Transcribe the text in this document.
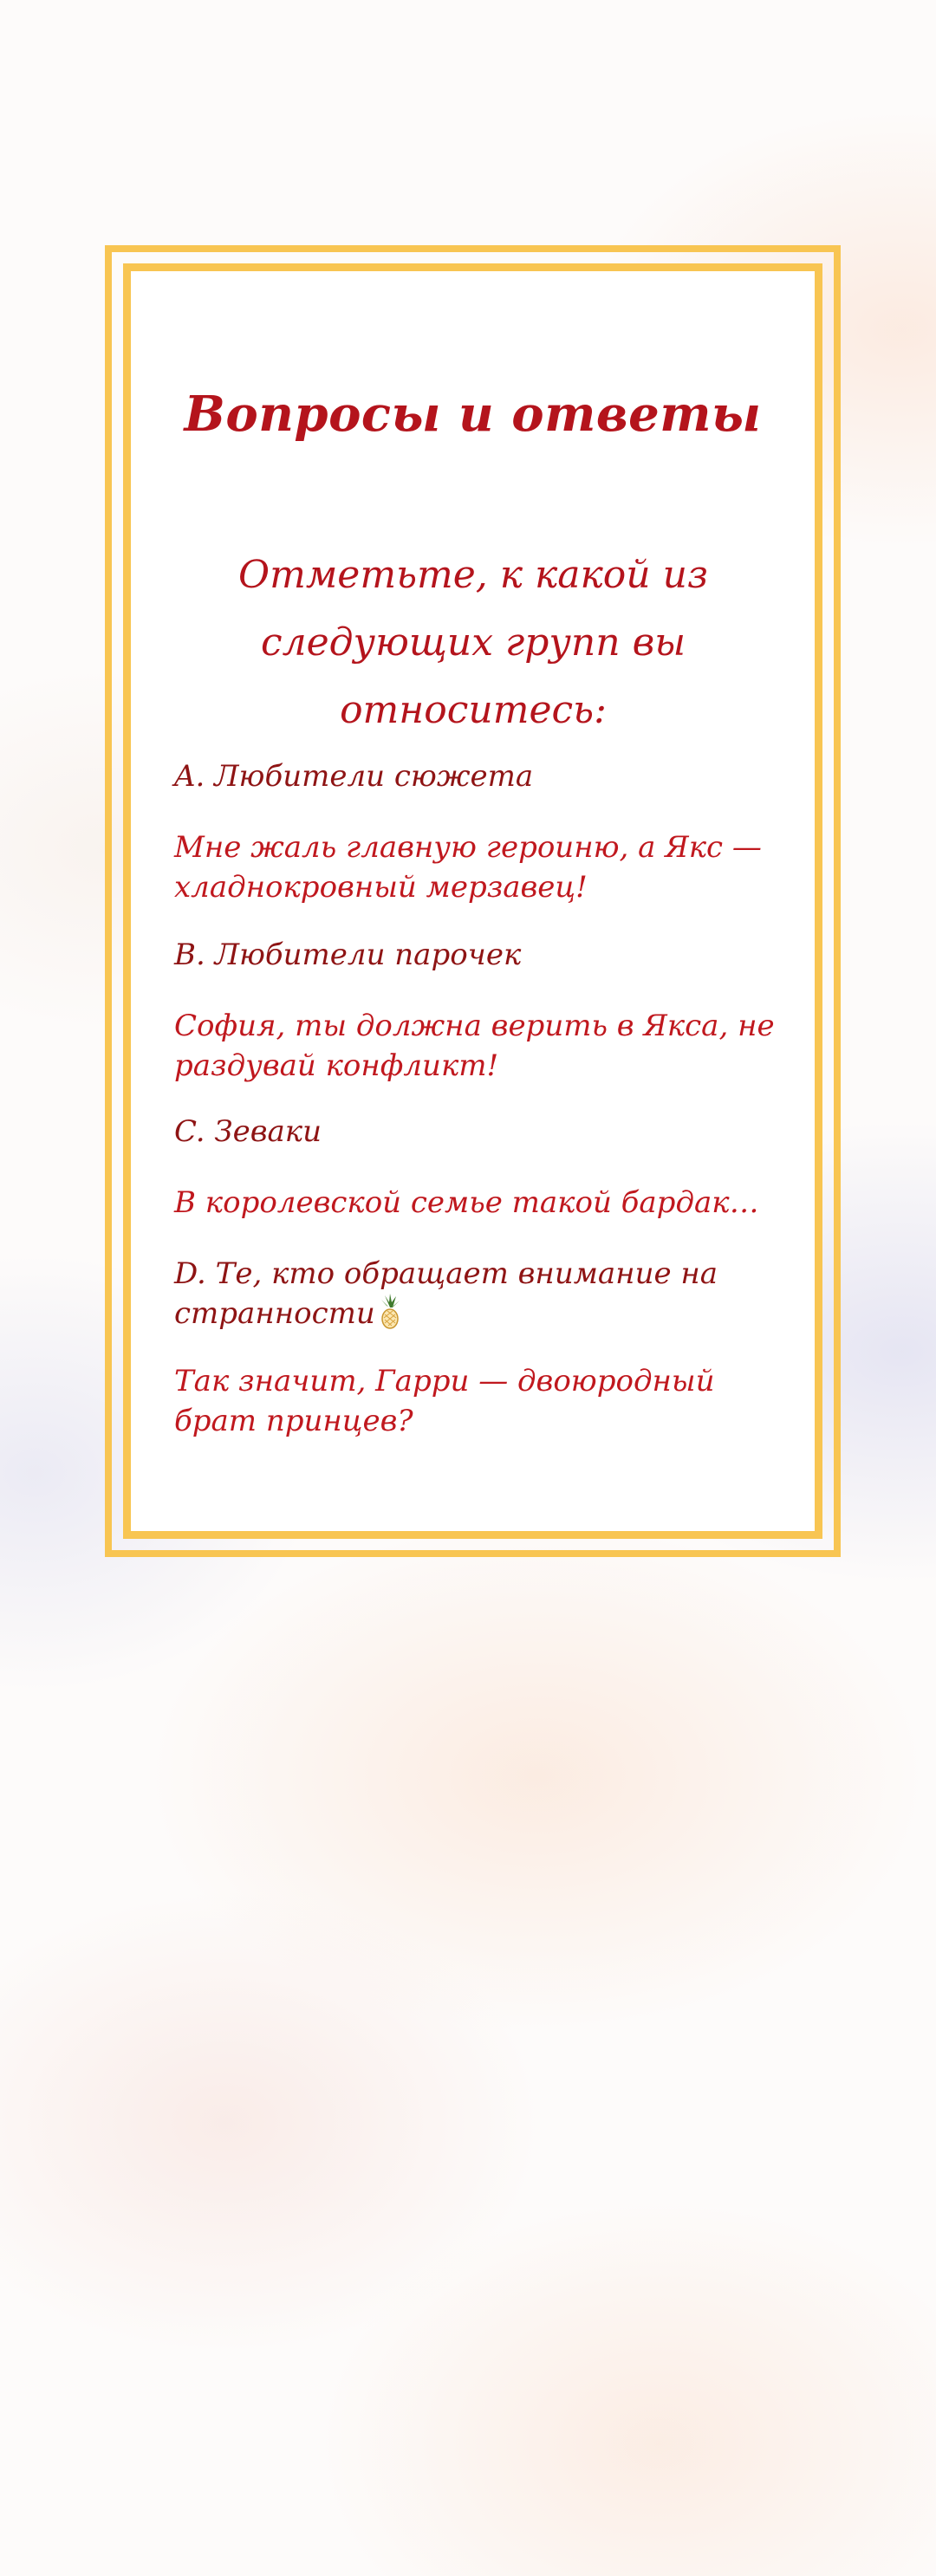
Вопросы и ответы

Отметьте, к какой из следующих групп вы относитесь:

A. Любители сюжета

Мне жаль главную героиню, а Якс — хладнокровный мерзавец!

B. Любители парочек

София, ты должна верить в Якса, не раздувай конфликт!

C. Зеваки

В королевской семье такой бардак…

D. Те, кто обращает внимание на странности

Так значит, Гарри — двоюродный брат принцев?
